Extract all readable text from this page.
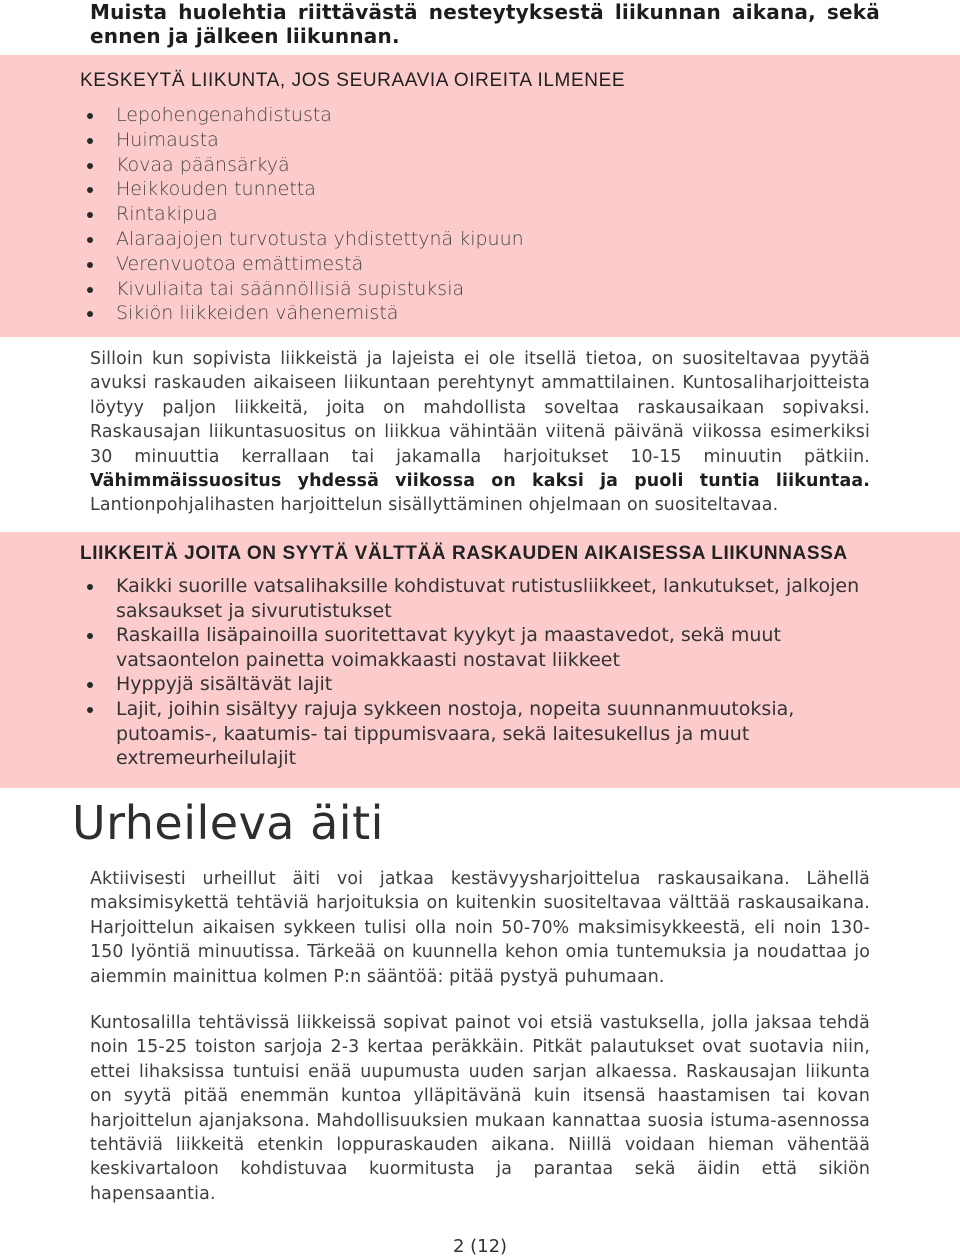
Muista huolehtia riittävästä nesteytyksestä liikunnan aikana, sekä ennen ja jälkeen liikunnan.
KESKEYTÄ LIIKUNTA, JOS SEURAAVIA OIREITA ILMENEE
Lepohengenahdistusta
Huimausta
Kovaa päänsärkyä
Heikkouden tunnetta
Rintakipua
Alaraajojen turvotusta yhdistettynä kipuun
Verenvuotoa emättimestä
Kivuliaita tai säännöllisiä supistuksia
Sikiön liikkeiden vähenemistä
Silloin kun sopivista liikkeistä ja lajeista ei ole itsellä tietoa, on suositeltavaa pyytää avuksi raskauden aikaiseen liikuntaan perehtynyt ammattilainen. Kuntosaliharjoitteista löytyy paljon liikkeitä, joita on mahdollista soveltaa raskausaikaan sopivaksi. Raskausajan liikuntasuositus on liikkua vähintään viitenä päivänä viikossa esimerkiksi 30 minuuttia kerrallaan tai jakamalla harjoitukset 10-15 minuutin pätkiin. Vähimmäissuositus yhdessä viikossa on kaksi ja puoli tuntia liikuntaa. Lantionpohjalihasten harjoittelun sisällyttäminen ohjelmaan on suositeltavaa.
LIIKKEITÄ JOITA ON SYYTÄ VÄLTTÄÄ RASKAUDEN AIKAISESSA LIIKUNNASSA
Kaikki suorille vatsalihaksille kohdistuvat rutistusliikkeet, lankutukset, jalkojen saksaukset ja sivurutistukset
Raskailla lisäpainoilla suoritettavat kyykyt ja maastavedot, sekä muut vatsaontelon painetta voimakkaasti nostavat liikkeet
Hyppyjä sisältävät lajit
Lajit, joihin sisältyy rajuja sykkeen nostoja, nopeita suunnanmuutoksia, putoamis-, kaatumis- tai tippumisvaara, sekä laitesukellus ja muut extremeurheilulajit
Urheileva äiti
Aktiivisesti urheillut äiti voi jatkaa kestävyysharjoittelua raskausaikana. Lähellä maksimisykettä tehtäviä harjoituksia on kuitenkin suositeltavaa välttää raskausaikana. Harjoittelun aikaisen sykkeen tulisi olla noin 50-70% maksimisykkeestä, eli noin 130-150 lyöntiä minuutissa. Tärkeää on kuunnella kehon omia tuntemuksia ja noudattaa jo aiemmin mainittua kolmen P:n sääntöä: pitää pystyä puhumaan.
Kuntosalilla tehtävissä liikkeissä sopivat painot voi etsiä vastuksella, jolla jaksaa tehdä noin 15-25 toiston sarjoja 2-3 kertaa peräkkäin. Pitkät palautukset ovat suotavia niin, ettei lihaksissa tuntuisi enää uupumusta uuden sarjan alkaessa. Raskausajan liikunta on syytä pitää enemmän kuntoa ylläpitävänä kuin itsensä haastamisen tai kovan harjoittelun ajanjaksona. Mahdollisuuksien mukaan kannattaa suosia istuma-asennossa tehtäviä liikkeitä etenkin loppuraskauden aikana. Niillä voidaan hieman vähentää keskivartaloon kohdistuvaa kuormitusta ja parantaa sekä äidin että sikiön hapensaantia.
2 (12)
